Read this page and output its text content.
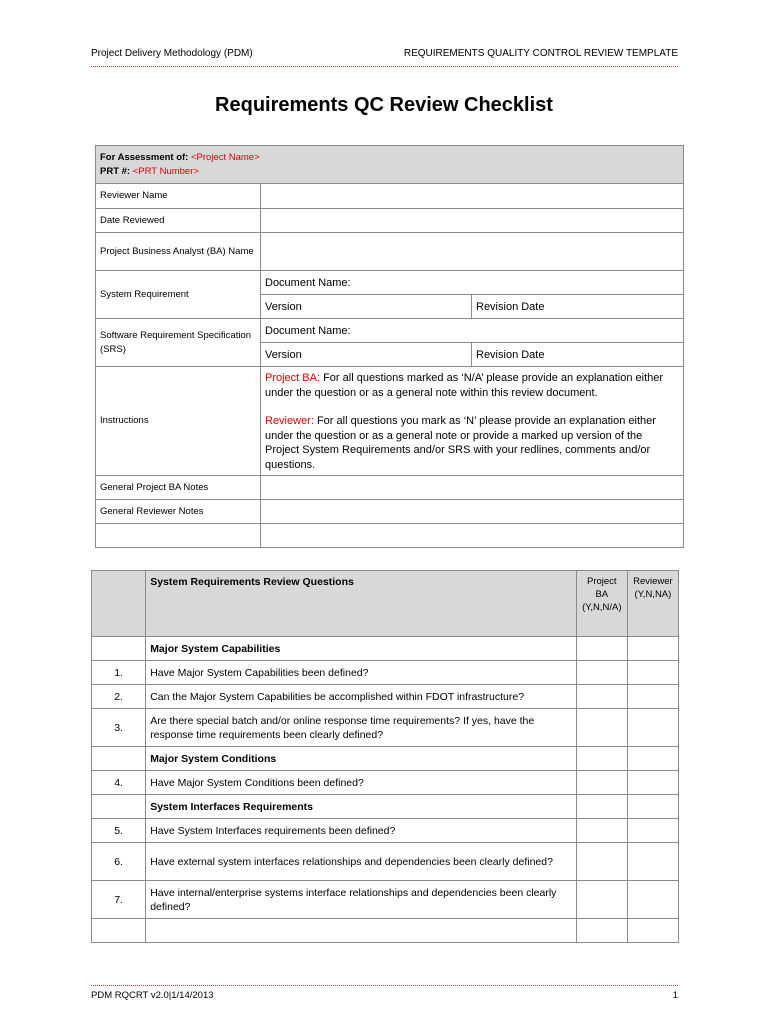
Project Delivery Methodology (PDM)	REQUIREMENTS QUALITY CONTROL REVIEW TEMPLATE
Requirements QC Review Checklist
For Assessment of: <Project Name>
PRT #: <PRT Number>		

Reviewer Name		
Date Reviewed		
Project Business Analyst (BA) Name		
System Requirement	Document Name:	
	Version	Revision Date
Software Requirement Specification (SRS)	Document Name:	
	Version	Revision Date
Instructions	Project BA: For all questions marked as ‘N/A’ please provide an explanation either under the question or as a general note within this review document.
Reviewer: For all questions you mark as ‘N’ please provide an explanation either under the question or as a general note or provide a marked up version of the Project System Requirements and/or SRS with your redlines, comments and/or questions.	

General Project BA Notes		
General Reviewer Notes		

	System Requirements Review Questions	Project BA (Y,N,N/A)	Reviewer (Y,N,NA)
	Major System Capabilities		
1.	Have Major System Capabilities been defined?		
2.	Can the Major System Capabilities be accomplished within FDOT infrastructure?		
3.	Are there special batch and/or online response time requirements? If yes, have the response time requirements been clearly defined?		
	Major System Conditions		
4.	Have Major System Conditions been defined?		
	System Interfaces Requirements		
5.	Have System Interfaces requirements been defined?		
6.	Have external system interfaces relationships and dependencies been clearly defined?		
7.	Have internal/enterprise systems interface relationships and dependencies been clearly defined?		

PDM RQCRT v2.0|1/14/2013	1
